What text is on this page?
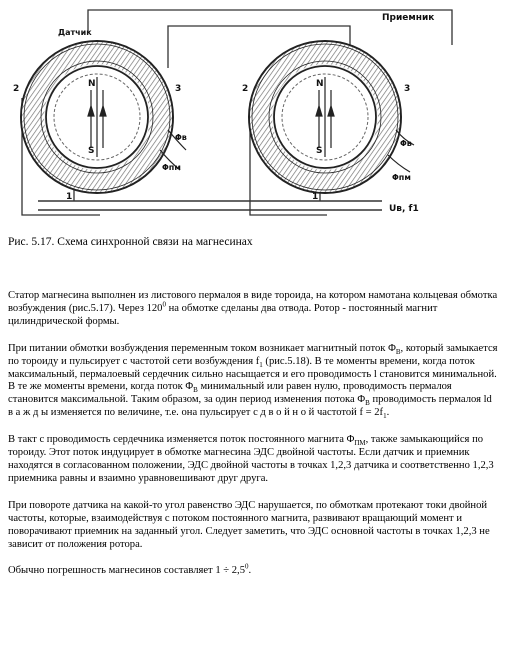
Датчик
Приемник
N
S
N
S
2	3
1
2	3
1
Φв
Φпм
Φв
Φпм
Uв, f1

Рис. 5.17. Схема синхронной связи на магнесинах

Статор магнесина выполнен из листового пермалоя в виде тороида, на котором намотана кольцевая обмотка возбуждения (рис.5.17). Через $120^0$ на обмотке сделаны два отвода. Ротор - постоянный магнит цилиндрической формы.

При питании обмотки возбуждения переменным током возникает магнитный поток $\Phi_В$, который замыкается по тороиду и пульсирует с частотой сети возбуждения $f_1$ (рис.5.18). В те моменты времени, когда поток максимальный, пермалоевый сердечник сильно насыщается и его проводимость l становится минимальной. В те же моменты времени, когда поток $\Phi_В$ минимальный или равен нулю, проводимость пермалоя становится максимальной. Таким образом, за один период изменения потока $\Phi_В$ проводимость пермалоя ld в а ж д ы изменяется по величине, т.е. она пульсирует с д в о й н о й частотой $f = 2f_1$.

В такт с проводимость сердечника изменяется поток постоянного магнита $\Phi_{ПМ}$, также замыкающийся по тороиду. Этот поток индуцирует в обмотке магнесина ЭДС двойной частоты. Если датчик и приемник находятся в согласованном положении, ЭДС двойной частоты в точках 1,2,3 датчика и соответственно 1,2,3 приемника равны и взаимно уравновешивают друг друга.

При повороте датчика на какой-то угол равенство ЭДС нарушается, по обмоткам протекают токи двойной частоты, которые, взаимодействуя с потоком постоянного магнита, развивают вращающий момент и поворачивают приемник на заданный угол. Следует заметить, что ЭДС основной частоты в точках 1,2,3 не зависит от положения ротора.

Обычно погрешность магнесинов составляет $1 \div 2,5^0$.
